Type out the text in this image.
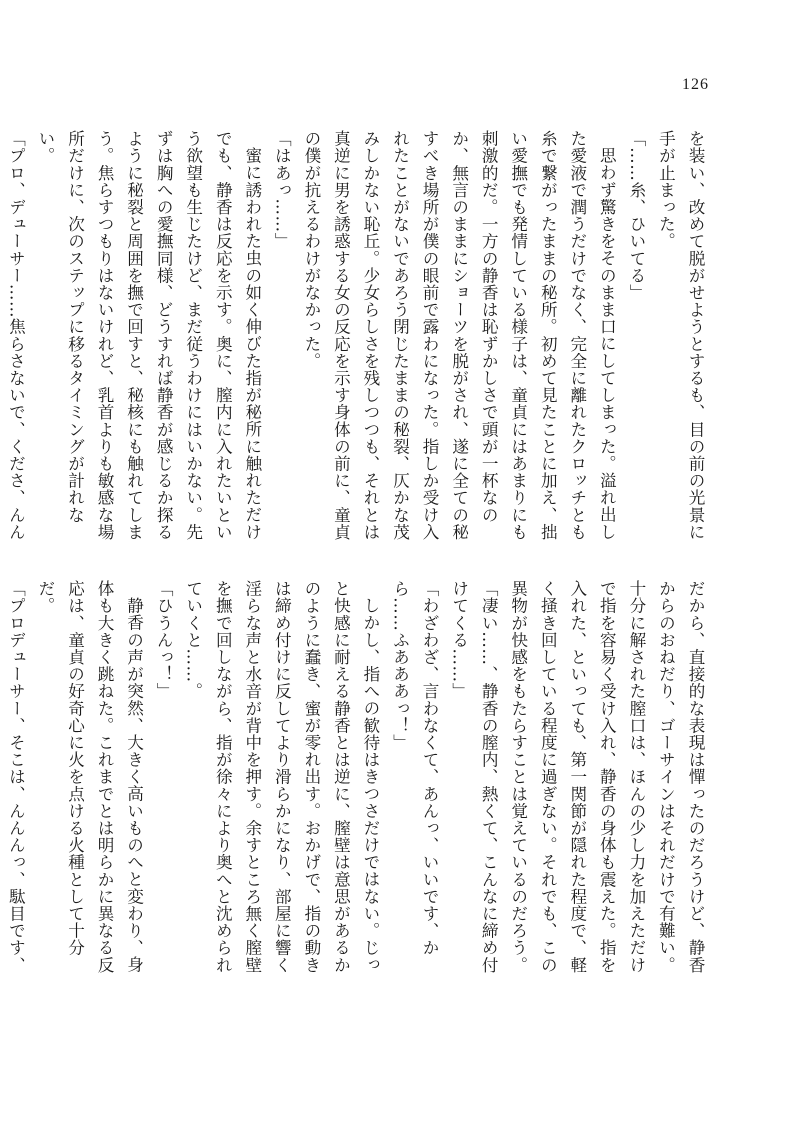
126

を装い、改めて脱がせようとするも、目の前の光景に手が止まった。

「……糸、ひいてる」

思わず驚きをそのまま口にしてしまった。溢れ出した愛液で潤うだけでなく、完全に離れたクロッチとも糸で繋がったままの秘所。初めて見たことに加え、拙い愛撫でも発情している様子は、童貞にはあまりにも刺激的だ。一方の静香は恥ずかしさで頭が一杯なのか、無言のままにショーツを脱がされ、遂に全ての秘すべき場所が僕の眼前で露わになった。指しか受け入れたことがないであろう閉じたままの秘裂、仄かな茂みしかない恥丘。少女らしさを残しつつも、それとは真逆に男を誘惑する女の反応を示す身体の前に、童貞の僕が抗えるわけがなかった。

「はあっ……」

蜜に誘われた虫の如く伸びた指が秘所に触れただけでも、静香は反応を示す。奥に、膣内に入れたいという欲望も生じたけど、まだ従うわけにはいかない。先ずは胸への愛撫同様、どうすれば静香が感じるか探るように秘裂と周囲を撫で回すと、秘核にも触れてしまう。焦らすつもりはないけれど、乳首よりも敏感な場所だけに、次のステップに移るタイミングが計れない。

「プロ、デューサー……焦らさないで、くださ、んん

だから、直接的な表現は憚ったのだろうけど、静香からのおねだり、ゴーサインはそれだけで有難い。十分に解された膣口は、ほんの少し力を加えただけで指を容易く受け入れ、静香の身体も震えた。指を入れた、といっても、第一関節が隠れた程度で、軽く掻き回している程度に過ぎない。それでも、この異物が快感をもたらすことは覚えているのだろう。

「凄い……、静香の膣内、熱くて、こんなに締め付けてくる……」

「わざわざ、言わなくて、あんっ、いいです、から……ふあああっ！」

しかし、指への歓待はきつさだけではない。じっと快感に耐える静香とは逆に、膣壁は意思があるかのように蠢き、蜜が零れ出す。おかげで、指の動きは締め付けに反してより滑らかになり、部屋に響く淫らな声と水音が背中を押す。余すところ無く膣壁を撫で回しながら、指が徐々により奥へと沈められていくと……。

「ひうんっ！」

静香の声が突然、大きく高いものへと変わり、身体も大きく跳ねた。これまでとは明らかに異なる反応は、童貞の好奇心に火を点ける火種として十分だ。

「プロデューサー、そこは、んんんっ、駄目です、
